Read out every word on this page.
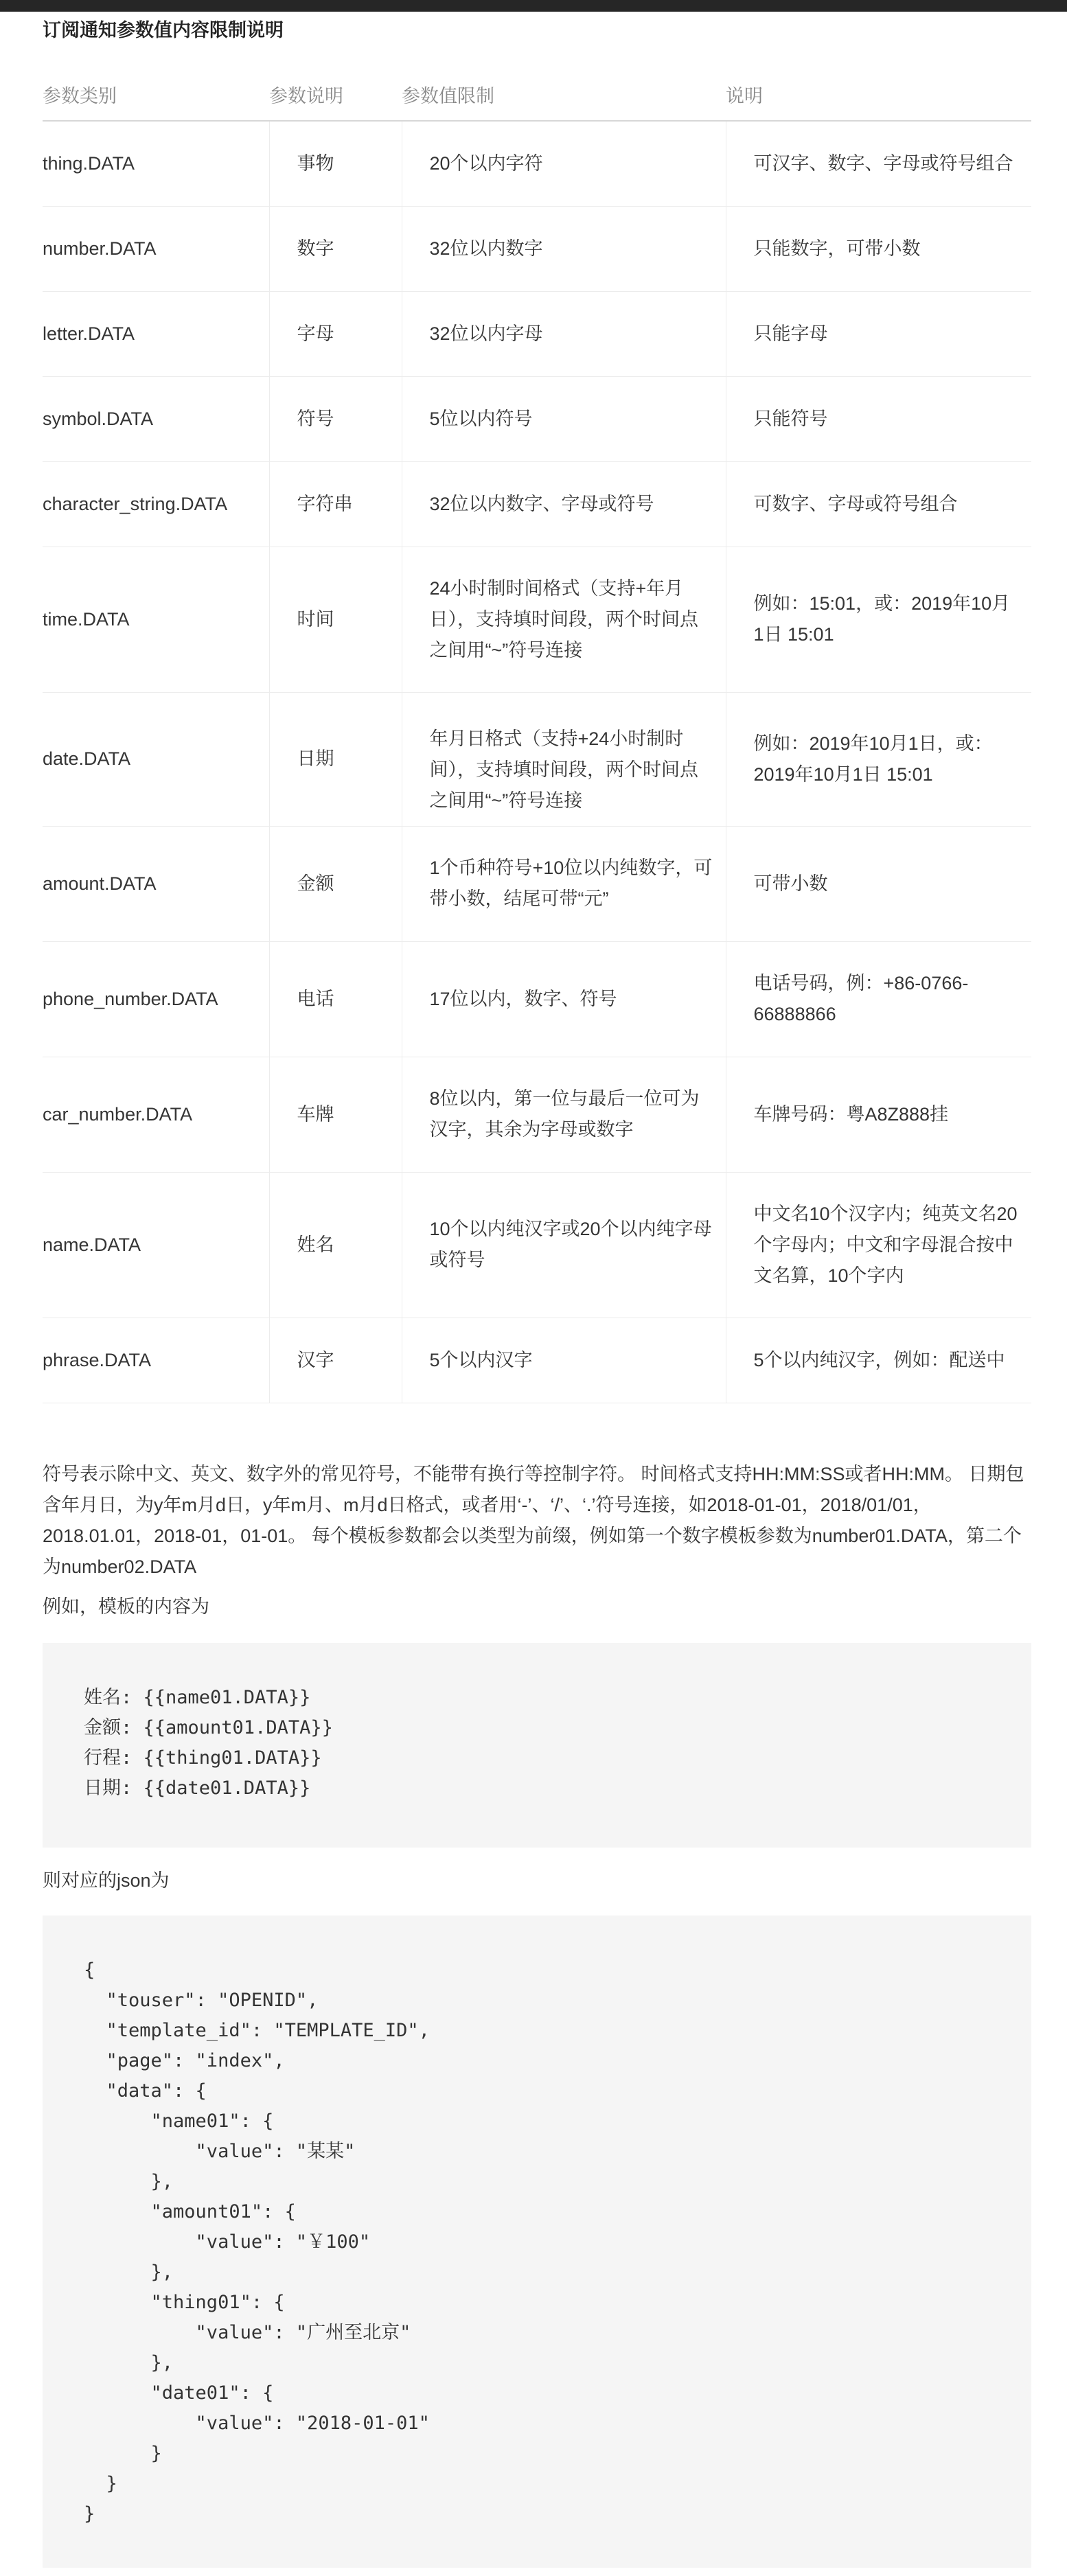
订阅通知参数值内容限制说明
参数类别	参数说明	参数值限制	说明
thing.DATA	事物	20个以内字符	可汉字、数字、字母或符号组合
number.DATA	数字	32位以内数字	只能数字，可带小数
letter.DATA	字母	32位以内字母	只能字母
symbol.DATA	符号	5位以内符号	只能符号
character_string.DATA	字符串	32位以内数字、字母或符号	可数字、字母或符号组合
time.DATA	时间	24小时制时间格式（支持+年月日），支持填时间段，两个时间点之间用“~”符号连接	例如：15:01，或：2019年10月1日 15:01
date.DATA	日期	年月日格式（支持+24小时制时间），支持填时间段，两个时间点之间用“~”符号连接	例如：2019年10月1日，或：2019年10月1日 15:01
amount.DATA	金额	1个币种符号+10位以内纯数字，可带小数，结尾可带“元”	可带小数
phone_number.DATA	电话	17位以内，数字、符号	电话号码，例：+86-0766-66888866
car_number.DATA	车牌	8位以内，第一位与最后一位可为汉字，其余为字母或数字	车牌号码：粤A8Z888挂
name.DATA	姓名	10个以内纯汉字或20个以内纯字母或符号	中文名10个汉字内；纯英文名20个字母内；中文和字母混合按中文名算，10个字内
phrase.DATA	汉字	5个以内汉字	5个以内纯汉字，例如：配送中
符号表示除中文、英文、数字外的常见符号，不能带有换行等控制字符。 时间格式支持HH:MM:SS或者HH:MM。 日期包含年月日，为y年m月d日，y年m月、m月d日格式，或者用‘-’、‘/’、‘.’符号连接，如2018-01-01，2018/01/01，2018.01.01，2018-01，01-01。 每个模板参数都会以类型为前缀，例如第一个数字模板参数为number01.DATA，第二个为number02.DATA
例如，模板的内容为
姓名: {{name01.DATA}}
金额: {{amount01.DATA}}
行程: {{thing01.DATA}}
日期: {{date01.DATA}}
则对应的json为
{
"touser": "OPENID",
"template_id": "TEMPLATE_ID",
"page": "index",
"data": {
"name01": {
"value": "某某"
},
"amount01": {
"value": "￥100"
},
"thing01": {
"value": "广州至北京"
},
"date01": {
"value": "2018-01-01"
}
}
}
